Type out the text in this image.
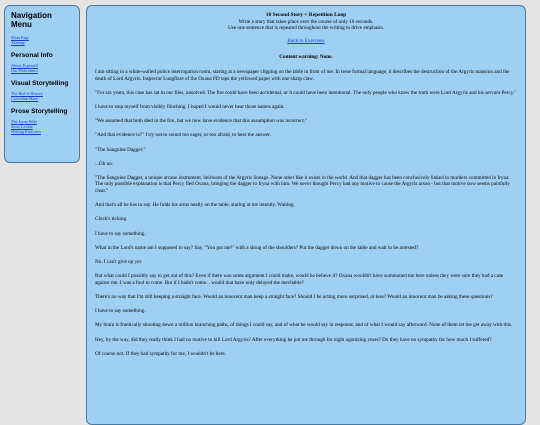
Navigation Menu
Main Page
Sitemap
Personal Info
About Espentell
Our Webcomics
Visual Storytelling
The Red Is History
Corvidian Maze
Prose Storytelling
The Irynn Wiki
Story Lockie
Writing Exercises
10 Second Story + Repetition Loop
Write a story that takes place over the course of only 10 seconds.
Use one sentence that is repeated throughout the writing to drive emphasis.
Back to Exercises
Content warning: None.

I am sitting in a white-walled police interrogation room, staring at a newspaper clipping on the table in front of me. In terse formal language, it describes the destruction of the Argyris mansion and the death of Lord Argyris. Inspector Lungflare of the Oxana PD taps the yellowed paper with one sharp claw.

"For six years, this case has sat in our files, unsolved. The fire could have been accidental, or it could have been intentional. The only people who knew the truth were Lord Argyris and his servant Percy."

I have to stop myself from visibly flinching. I hoped I would never hear those names again.

"We assumed that both died in the fire, but we now have evidence that this assumption was incorrect."

"And that evidence is?" I try not to sound too eager, or too afraid, to hear the answer.

"The Sanguine Dagger."

...Oh no.

"The Sanguine Dagger, a unique arcane instrument, heirloom of the Argyris lineage. None other like it exists in the world. And that dagger has been conclusively linked to murders committed in Iryna. The only possible explanation is that Percy fled Oxana, bringing the dagger to Iryna with him. We never thought Percy had any motive to cause the Argyris arson - but that motive now seems painfully clear."

And that's all he has to say. He folds his arms neatly on the table, staring at me intently. Waiting.

Clock's ticking.

I have to say something.

What in the Lord's name am I supposed to say? Say, "You got me!" with a shrug of the shoulders? Put the dagger down on the table and wait to be arrested?

No. I can't give up yet.

But what could I possibly say to get out of this? Even if there was some argument I could make, would he believe it? Oxana wouldn't have summoned me here unless they were sure they had a case against me. I was a fool to come. But if I hadn't come... would that have only delayed the inevitable?

There's no way that I'm still keeping a straight face. Would an innocent man keep a straight face? Should I be acting more surprised, or less? Would an innocent man be asking these questions?

I have to say something.

My brain is frantically shooting down a million branching paths, of things I could say, and of what he would say in response, and of what I would say afterward. None of them let me get away with this.

Hey, by the way, did they really think I had no motive to kill Lord Argyris? After everything he put me through for eight agonizing years? Do they have no sympathy for how much I suffered?

Of course not. If they had sympathy for me, I wouldn't be here.
